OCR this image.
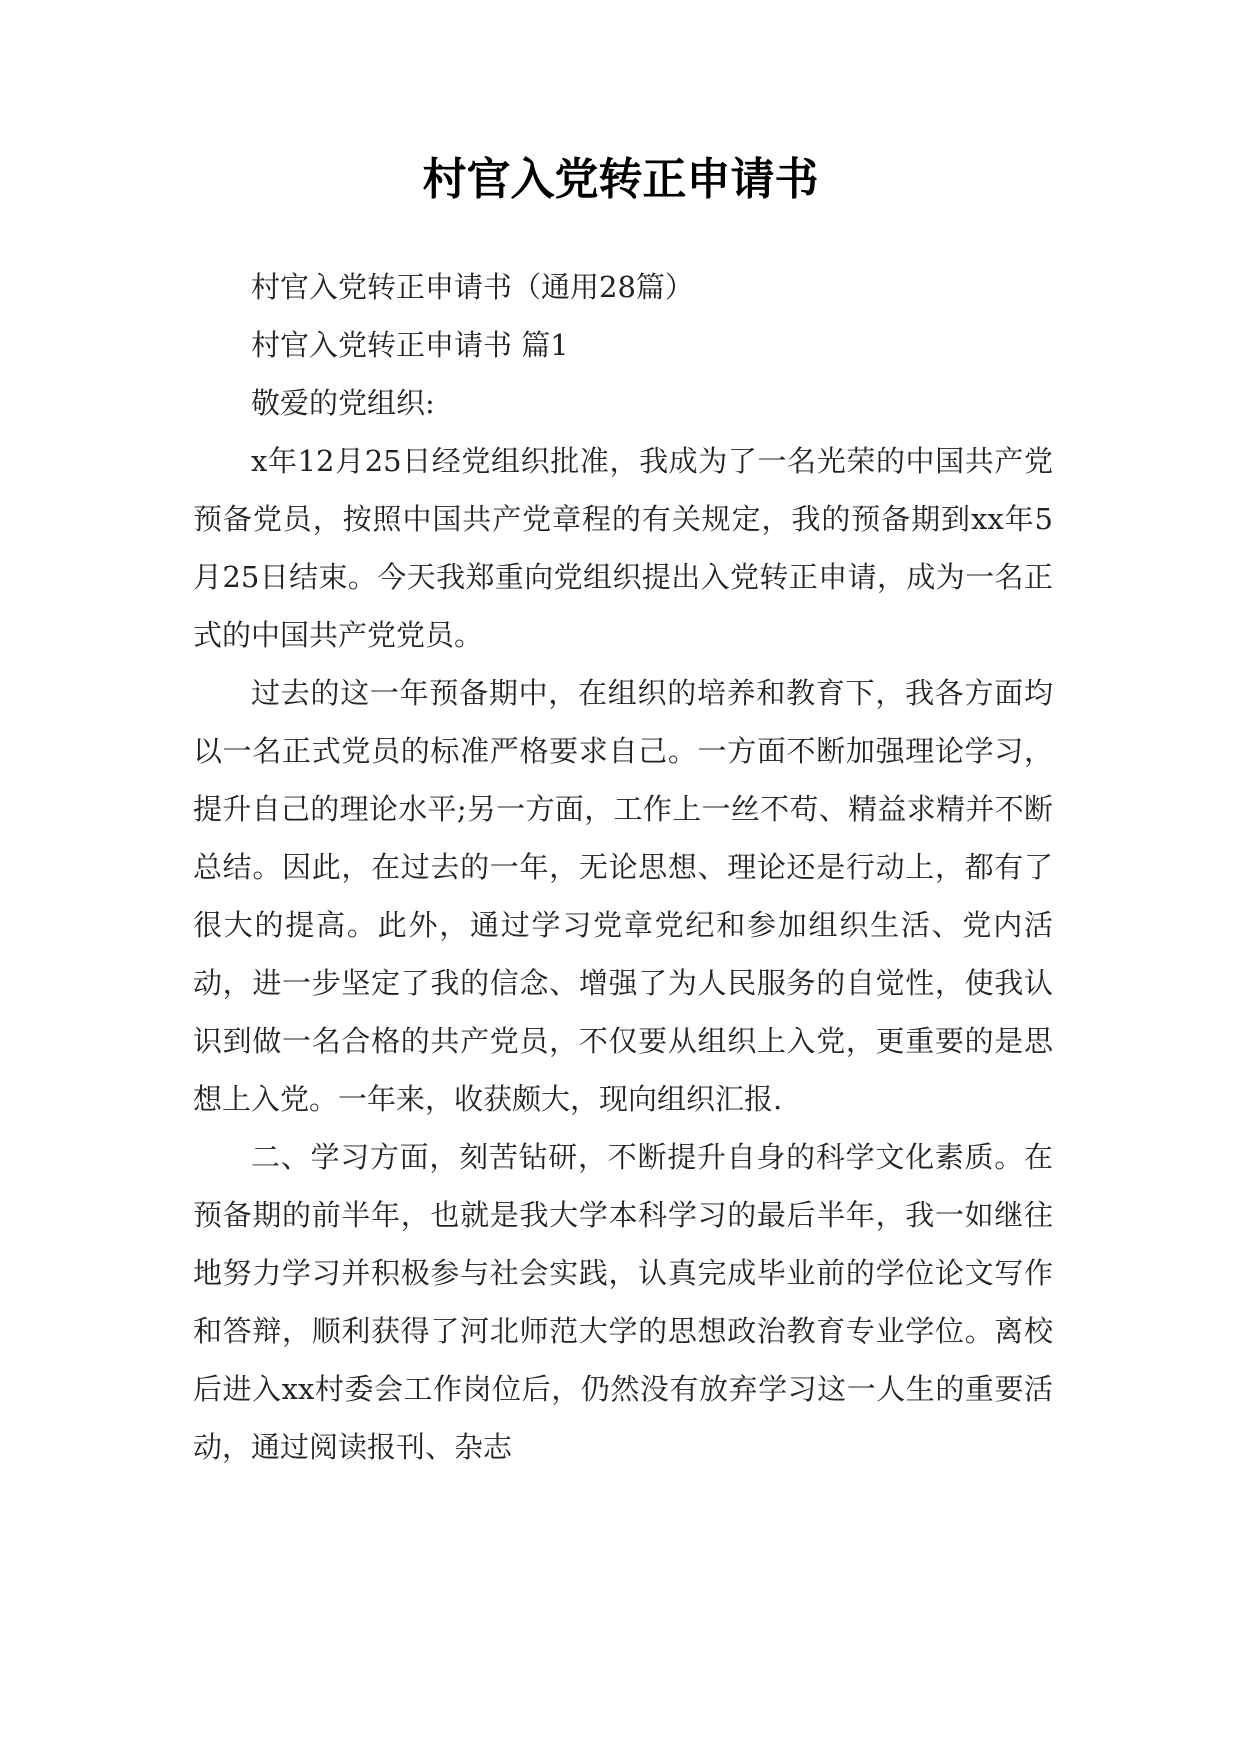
村官入党转正申请书

村官入党转正申请书（通用28篇）

村官入党转正申请书 篇1

敬爱的党组织:

x年12月25日经党组织批准，我成为了一名光荣的中国共产党预备党员，按照中国共产党章程的有关规定，我的预备期到xx年5月25日结束。今天我郑重向党组织提出入党转正申请，成为一名正式的中国共产党党员。

过去的这一年预备期中，在组织的培养和教育下，我各方面均以一名正式党员的标准严格要求自己。一方面不断加强理论学习，提升自己的理论水平;另一方面，工作上一丝不苟、精益求精并不断总结。因此，在过去的一年，无论思想、理论还是行动上，都有了很大的提高。此外，通过学习党章党纪和参加组织生活、党内活动，进一步坚定了我的信念、增强了为人民服务的自觉性，使我认识到做一名合格的共产党员，不仅要从组织上入党，更重要的是思想上入党。一年来，收获颇大，现向组织汇报.

二、学习方面，刻苦钻研，不断提升自身的科学文化素质。在预备期的前半年，也就是我大学本科学习的最后半年，我一如继往地努力学习并积极参与社会实践，认真完成毕业前的学位论文写作和答辩，顺利获得了河北师范大学的思想政治教育专业学位。离校后进入xx村委会工作岗位后，仍然没有放弃学习这一人生的重要活动，通过阅读报刊、杂志
